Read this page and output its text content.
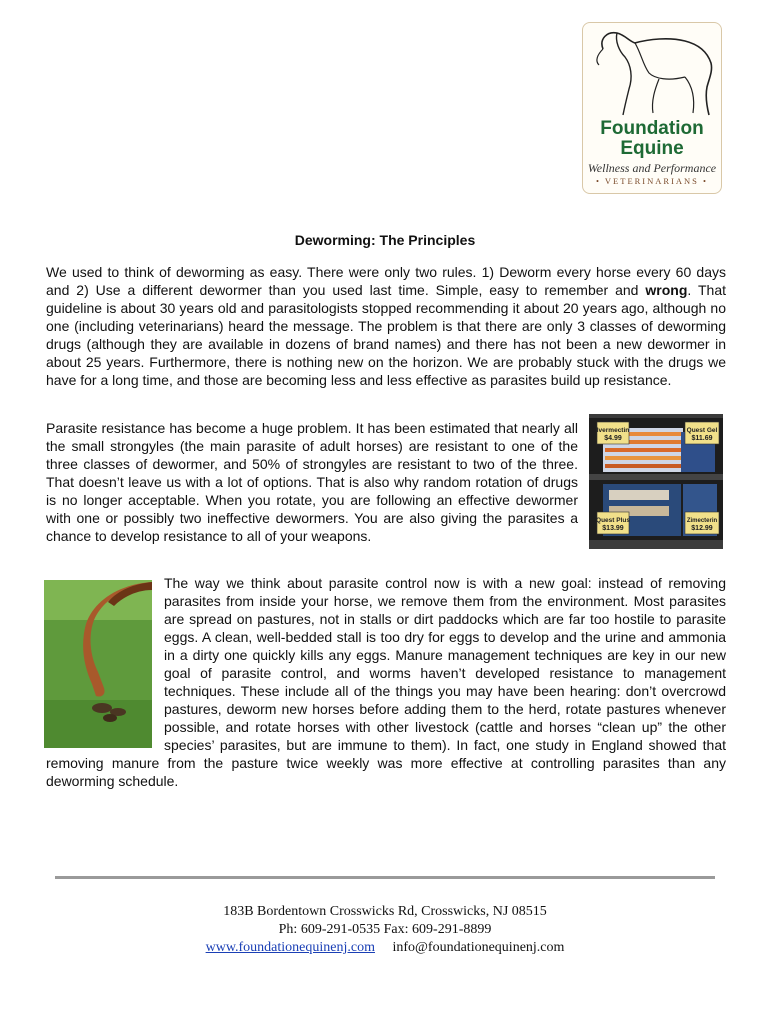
Foundation
Equine
Wellness and Performance
• VETERINARIANS •
Deworming: The Principles

We used to think of deworming as easy. There were only two rules. 1) Deworm every horse every 60 days and 2) Use a different dewormer than you used last time. Simple, easy to remember and wrong. That guideline is about 30 years old and parasitologists stopped recommending it about 20 years ago, although no one (including veterinarians) heard the message. The problem is that there are only 3 classes of deworming drugs (although they are available in dozens of brand names) and there has not been a new dewormer in about 25 years. Furthermore, there is nothing new on the horizon. We are probably stuck with the drugs we have for a long time, and those are becoming less and less effective as parasites build up resistance.

Parasite resistance has become a huge problem. It has been estimated that nearly all the small strongyles (the main parasite of adult horses) are resistant to one of the three classes of dewormer, and 50% of strongyles are resistant to two of the three. That doesn’t leave us with a lot of options. That is also why random rotation of drugs is no longer acceptable. When you rotate, you are following an effective dewormer with one or possibly two ineffective dewormers. You are also giving the parasites a chance to develop resistance to all of your weapons.

Ivermectin
$4.99
Quest Gel
$11.69
Quest Plus
$13.99
Zimecterin
$12.99
The way we think about parasite control now is with a new goal: instead of removing parasites from inside your horse, we remove them from the environment. Most parasites are spread on pastures, not in stalls or dirt paddocks which are far too hostile to parasite eggs. A clean, well-bedded stall is too dry for eggs to develop and the urine and ammonia in a dirty one quickly kills any eggs. Manure management techniques are key in our new goal of parasite control, and worms haven’t developed resistance to management techniques. These include all of the things you may have been hearing: don’t overcrowd pastures, deworm new horses before adding them to the herd, rotate pastures whenever possible, and rotate horses with other livestock (cattle and horses “clean up” the other species’ parasites, but are immune to them). In fact, one study in England showed that removing manure from the pasture twice weekly was more effective at controlling parasites than any deworming schedule.
183B Bordentown Crosswicks Rd, Crosswicks, NJ 08515
Ph: 609-291-0535 Fax: 609-291-8899
www.foundationequinenj.com info@foundationequinenj.com
